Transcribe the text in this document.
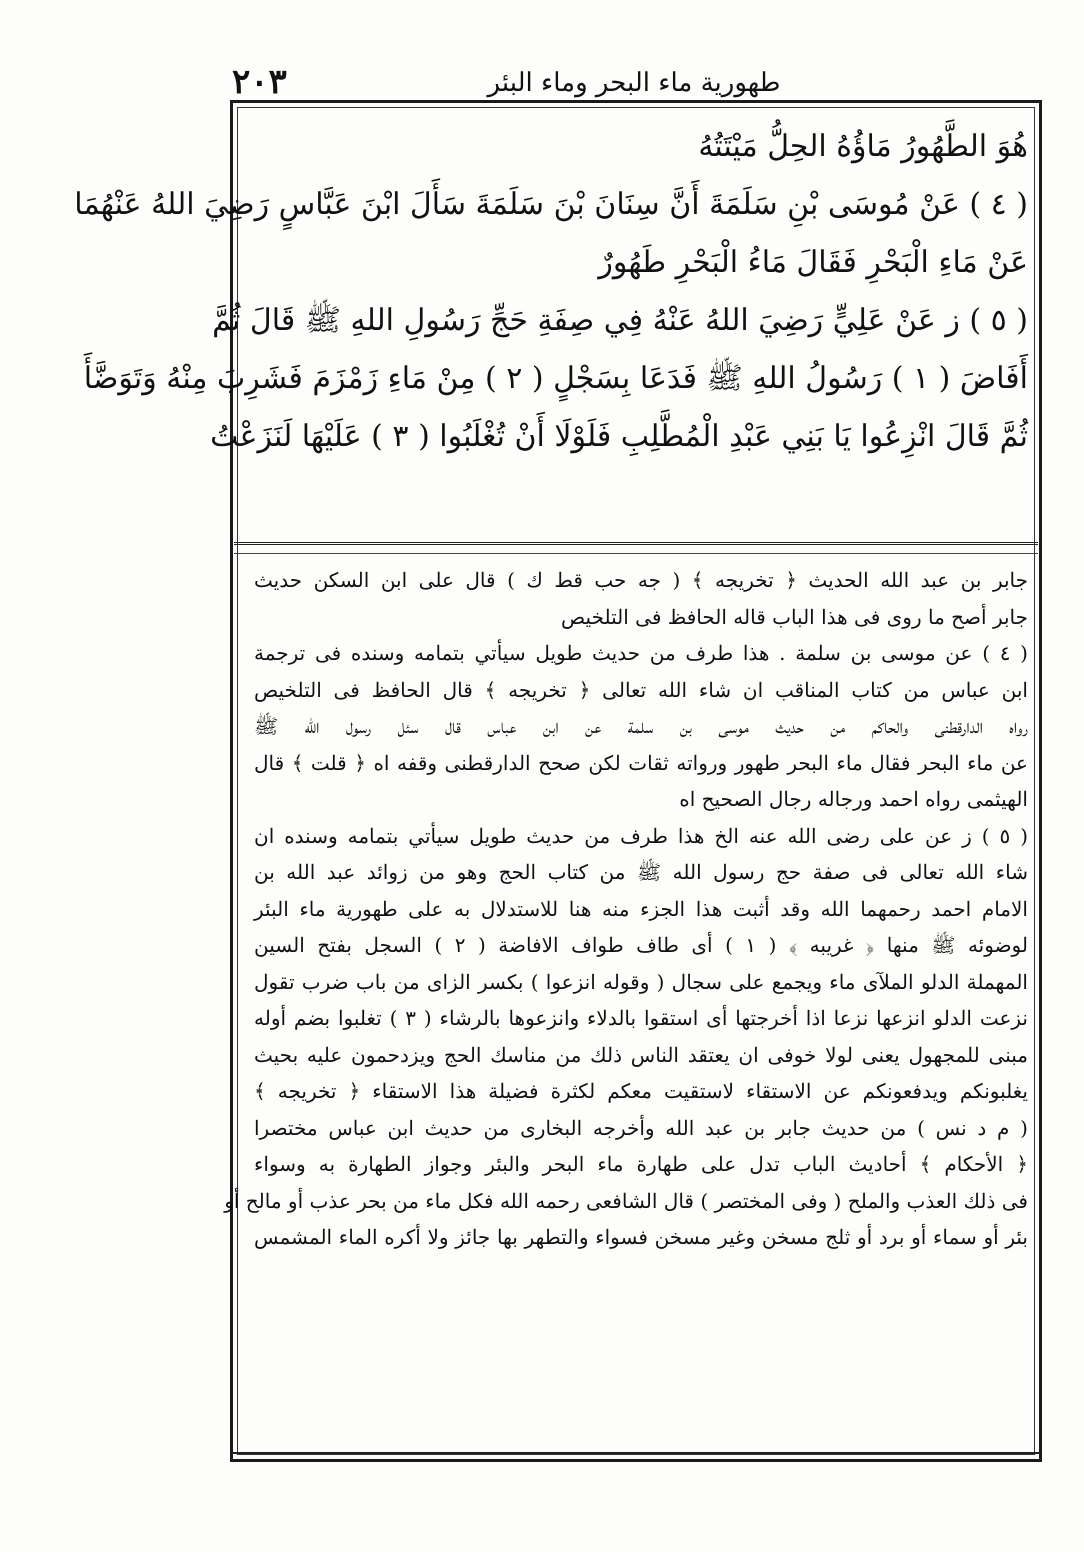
٢٠٣	طهورية ماء البحر وماء البئر
هُوَ الطَّهُورُ مَاؤُهُ الحِلُّ مَيْتَتُهُ
( ٤ ) عَنْ مُوسَى بْنِ سَلَمَةَ أَنَّ سِنَانَ بْنَ سَلَمَةَ سَأَلَ ابْنَ عَبَّاسٍ رَضِيَ اللهُ عَنْهُمَا
عَنْ مَاءِ الْبَحْرِ فَقَالَ مَاءُ الْبَحْرِ طَهُورٌ
( ٥ ) ز عَنْ عَلِيٍّ رَضِيَ اللهُ عَنْهُ فِي صِفَةِ حَجِّ رَسُولِ اللهِ ﷺ قَالَ ثُمَّ
أَفَاضَ ( ١ ) رَسُولُ اللهِ ﷺ فَدَعَا بِسَجْلٍ ( ٢ ) مِنْ مَاءِ زَمْزَمَ فَشَرِبَ مِنْهُ وَتَوَضَّأَ
ثُمَّ قَالَ انْزِعُوا يَا بَنِي عَبْدِ الْمُطَّلِبِ فَلَوْلَا أَنْ تُغْلَبُوا ( ٣ ) عَلَيْهَا لَنَزَعْتُ
جابر بن عبد الله الحديث ﴿ تخريجه ﴾ ( جه حب قط ك ) قال على ابن السكن حديث
جابر أصح ما روى فى هذا الباب قاله الحافظ فى التلخيص
( ٤ ) عن موسى بن سلمة . هذا طرف من حديث طويل سيأتي بتمامه وسنده فى ترجمة
ابن عباس من كتاب المناقب ان شاء الله تعالى ﴿ تخريجه ﴾ قال الحافظ فى التلخيص
رواه الدارقطنى والحاكم من حديث موسى بن سلمة عن ابن عباس قال سئل رسول الله ﷺ
عن ماء البحر فقال ماء البحر طهور ورواته ثقات لكن صحح الدارقطنى وقفه اه ﴿ قلت ﴾ قال
الهيثمى رواه احمد ورجاله رجال الصحيح اه
( ٥ ) ز عن على رضى الله عنه الخ هذا طرف من حديث طويل سيأتي بتمامه وسنده ان
شاء الله تعالى فى صفة حج رسول الله ﷺ من كتاب الحج وهو من زوائد عبد الله بن
الامام احمد رحمهما الله وقد أثبت هذا الجزء منه هنا للاستدلال به على طهورية ماء البئر
لوضوئه ﷺ منها ﴿ غريبه ﴾ ( ١ ) أى طاف طواف الافاضة ( ٢ ) السجل بفتح السين
المهملة الدلو الملآى ماء ويجمع على سجال ( وقوله انزعوا ) بكسر الزاى من باب ضرب تقول
نزعت الدلو انزعها نزعا اذا أخرجتها أى استقوا بالدلاء وانزعوها بالرشاء ( ٣ ) تغلبوا بضم أوله
مبنى للمجهول يعنى لولا خوفى ان يعتقد الناس ذلك من مناسك الحج ويزدحمون عليه بحيث
يغلبونكم ويدفعونكم عن الاستقاء لاستقيت معكم لكثرة فضيلة هذا الاستقاء ﴿ تخريجه ﴾
( م د نس ) من حديث جابر بن عبد الله وأخرجه البخارى من حديث ابن عباس مختصرا
﴿ الأحكام ﴾ أحاديث الباب تدل على طهارة ماء البحر والبئر وجواز الطهارة به وسواء
فى ذلك العذب والملح ( وفى المختصر ) قال الشافعى رحمه الله فكل ماء من بحر عذب أو مالح أو
بئر أو سماء أو برد أو ثلج مسخن وغير مسخن فسواء والتطهر بها جائز ولا أكره الماء المشمس
